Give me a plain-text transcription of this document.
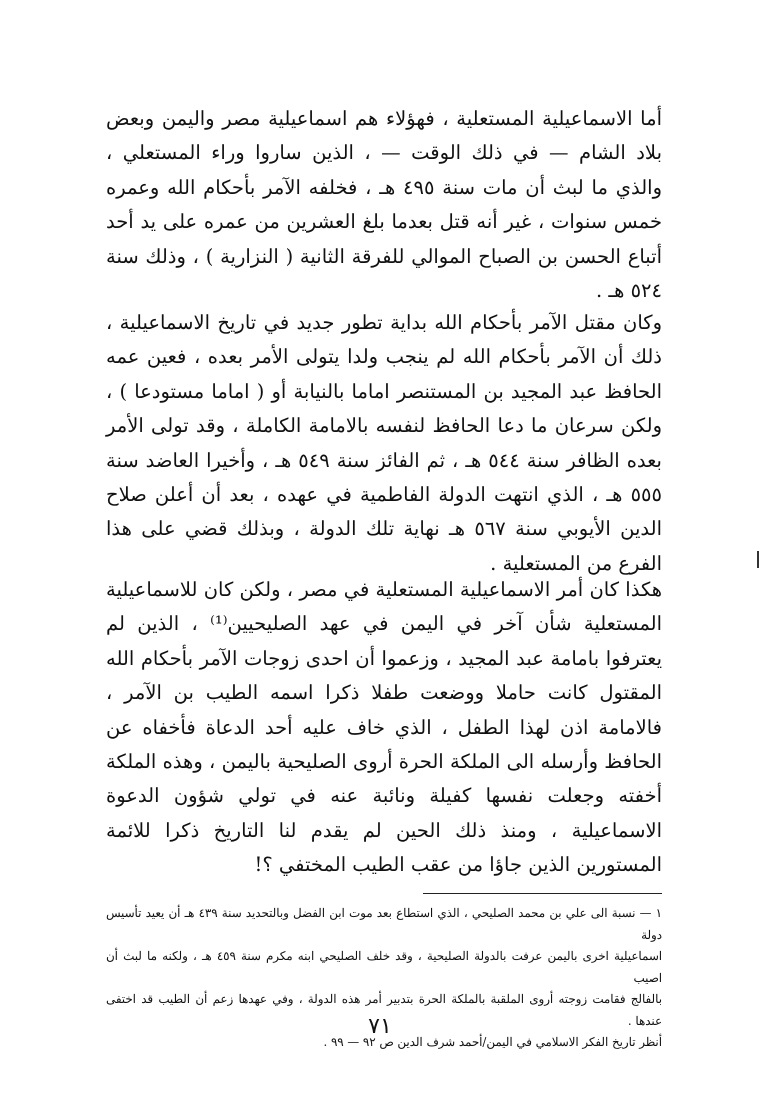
أما الاسماعيلية المستعلية ، فهؤلاء هم اسماعيلية مصر واليمن وبعض بلاد الشام — في ذلك الوقت — ، الذين ساروا وراء المستعلي ، والذي ما لبث أن مات سنة ٤٩٥ هـ ، فخلفه الآمر بأحكام الله وعمره خمس سنوات ، غير أنه قتل بعدما بلغ العشرين من عمره على يد أحد أتباع الحسن بن الصباح الموالي للفرقة الثانية ( النزارية ) ، وذلك سنة ٥٢٤ هـ .

وكان مقتل الآمر بأحكام الله بداية تطور جديد في تاريخ الاسماعيلية ، ذلك أن الآمر بأحكام الله لم ينجب ولدا يتولى الأمر بعده ، فعين عمه الحافظ عبد المجيد بن المستنصر اماما بالنيابة أو ( اماما مستودعا ) ، ولكن سرعان ما دعا الحافظ لنفسه بالامامة الكاملة ، وقد تولى الأمر بعده الظافر سنة ٥٤٤ هـ ، ثم الفائز سنة ٥٤٩ هـ ، وأخيرا العاضد سنة ٥٥٥ هـ ، الذي انتهت الدولة الفاطمية في عهده ، بعد أن أعلن صلاح الدين الأيوبي سنة ٥٦٧ هـ نهاية تلك الدولة ، وبذلك قضي على هذا الفرع من المستعلية .

هكذا كان أمر الاسماعيلية المستعلية في مصر ، ولكن كان للاسماعيلية المستعلية شأن آخر في اليمن في عهد الصليحيين⁽¹⁾ ، الذين لم يعترفوا بامامة عبد المجيد ، وزعموا أن احدى زوجات الآمر بأحكام الله المقتول كانت حاملا ووضعت طفلا ذكرا اسمه الطيب بن الآمر ، فالامامة اذن لهذا الطفل ، الذي خاف عليه أحد الدعاة فأخفاه عن الحافظ وأرسله الى الملكة الحرة أروى الصليحية باليمن ، وهذه الملكة أخفته وجعلت نفسها كفيلة ونائبة عنه في تولي شؤون الدعوة الاسماعيلية ، ومنذ ذلك الحين لم يقدم لنا التاريخ ذكرا للائمة المستورين الذين جاؤا من عقب الطيب المختفي ؟!

١ — نسبة الى علي بن محمد الصليحي ، الذي استطاع بعد موت ابن الفضل وبالتحديد سنة ٤٣٩ هـ أن يعيد تأسيس دولة
اسماعيلية اخرى باليمن عرفت بالدولة الصليحية ، وقد خلف الصليحي ابنه مكرم سنة ٤٥٩ هـ ، ولكنه ما لبث أن اصيب
بالفالج فقامت زوجته أروى الملقبة بالملكة الحرة بتدبير أمر هذه الدولة ، وفي عهدها زعم أن الطيب قد اختفى عندها .
أنظر تاريخ الفكر الاسلامي في اليمن/أحمد شرف الدين ص ٩٢ — ٩٩ .
٧١
